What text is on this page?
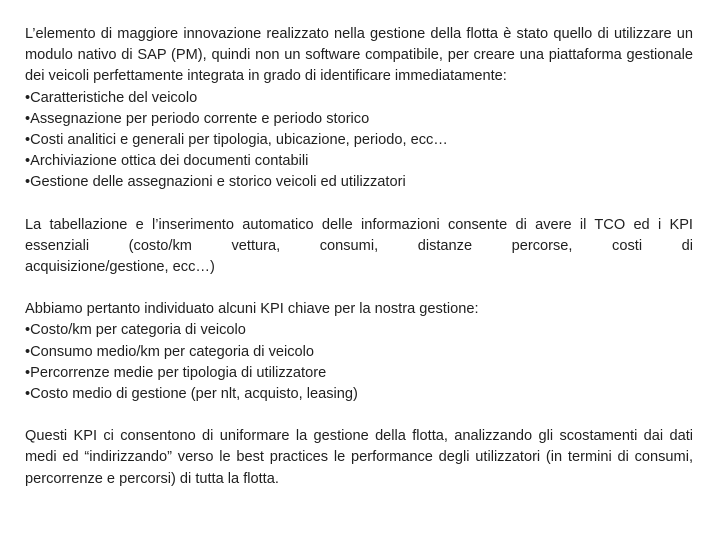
L’elemento di maggiore innovazione realizzato nella gestione della flotta è stato quello di utilizzare un modulo nativo di SAP (PM), quindi non un software compatibile, per creare una piattaforma gestionale dei veicoli perfettamente integrata in grado di identificare immediatamente:

•Caratteristiche del veicolo
•Assegnazione per periodo corrente e periodo storico
•Costi analitici e generali per tipologia, ubicazione, periodo, ecc…
•Archiviazione ottica dei documenti contabili
•Gestione delle assegnazioni e storico veicoli ed utilizzatori

La tabellazione e l’inserimento automatico delle informazioni consente di avere il TCO ed i KPI essenziali (costo/km vettura, consumi, distanze percorse, costi di

acquisizione/gestione, ecc…)

Abbiamo pertanto individuato alcuni KPI chiave per la nostra gestione:

•Costo/km per categoria di veicolo
•Consumo medio/km per categoria di veicolo
•Percorrenze medie per tipologia di utilizzatore
•Costo medio di gestione (per nlt, acquisto, leasing)

Questi KPI ci consentono di uniformare la gestione della flotta, analizzando gli scostamenti dai dati medi ed “indirizzando” verso le best practices le performance degli utilizzatori (in termini di consumi, percorrenze e percorsi) di tutta la flotta.
